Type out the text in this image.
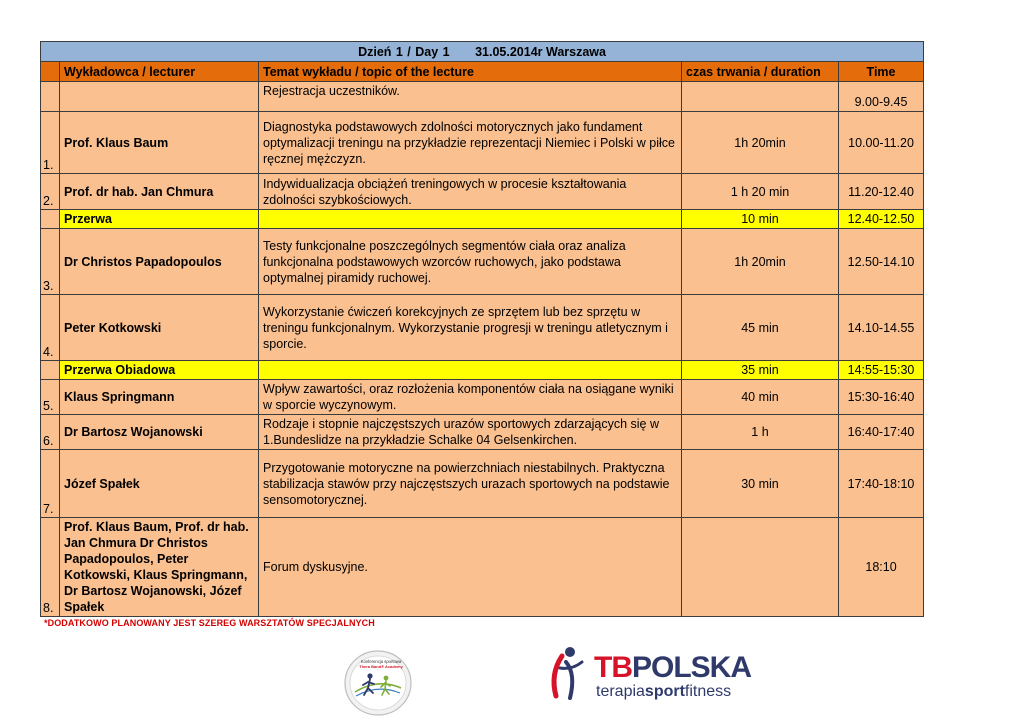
Dzień 1 / Day 1 31.05.2014r Warszawa				
	Wykładowca / lecturer	Temat wykładu / topic of the lecture	czas trwania / duration	Time
		Rejestracja uczestników.		9.00-9.45
1.	Prof. Klaus Baum	Diagnostyka podstawowych zdolności motorycznych jako fundament optymalizacji treningu na przykładzie reprezentacji Niemiec i Polski w piłce ręcznej mężczyzn.	1h 20min	10.00-11.20
2.	Prof. dr hab. Jan Chmura	Indywidualizacja obciążeń treningowych w procesie kształtowania zdolności szybkościowych.	1 h 20 min	11.20-12.40
	Przerwa		10 min	12.40-12.50
3.	Dr Christos Papadopoulos	Testy funkcjonalne poszczególnych segmentów ciała oraz analiza funkcjonalna podstawowych wzorców ruchowych, jako podstawa optymalnej piramidy ruchowej.	1h 20min	12.50-14.10
4.	Peter Kotkowski	Wykorzystanie ćwiczeń korekcyjnych ze sprzętem lub bez sprzętu w treningu funkcjonalnym. Wykorzystanie progresji w treningu atletycznym i sporcie.	45 min	14.10-14.55
	Przerwa Obiadowa		35 min	14:55-15:30
5.	Klaus Springmann	Wpływ zawartości, oraz rozłożenia komponentów ciała na osiągane wyniki w sporcie wyczynowym.	40 min	15:30-16:40
6.	Dr Bartosz Wojanowski	Rodzaje i stopnie najczęstszych urazów sportowych zdarzających się w 1.Bundeslidze na przykładzie Schalke 04 Gelsenkirchen.	1 h	16:40-17:40
7.	Józef Spałek	Przygotowanie motoryczne na powierzchniach niestabilnych. Praktyczna stabilizacja stawów przy najczęstszych urazach sportowych na podstawie sensomotorycznej.	30 min	17:40-18:10
8.	Prof. Klaus Baum, Prof. dr hab. Jan Chmura Dr Christos Papadopoulos, Peter Kotkowski, Klaus Springmann, Dr Bartosz Wojanowski, Józef Spałek	Forum dyskusyjne.		18:10
*DODATKOWO PLANOWANY JEST SZEREG WARSZTATÓW SPECJALNYCH
Konferencja sportowa
Thera Band® Academy	TBPOLSKA
terapiasportfitness
